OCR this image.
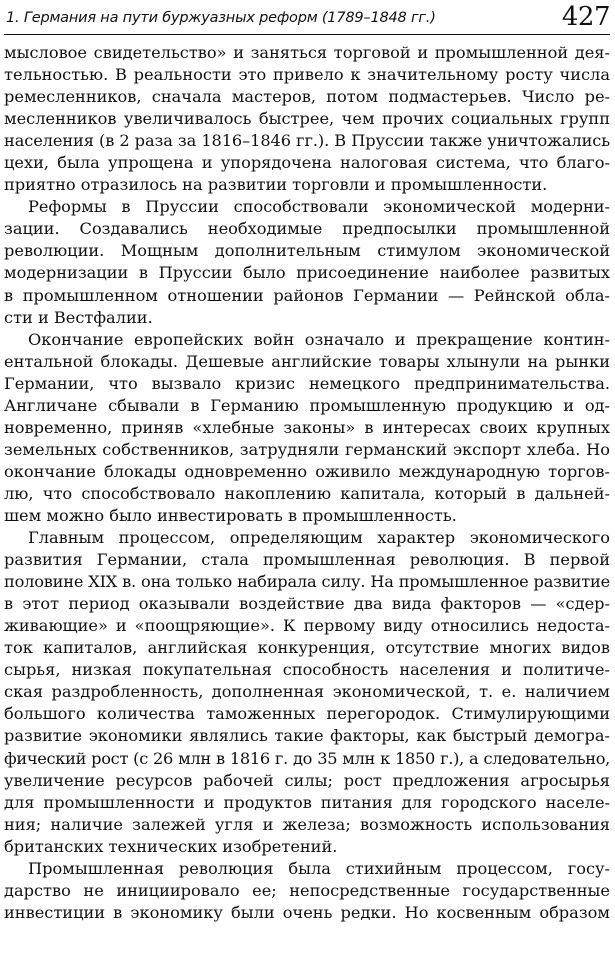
1. Германия на пути буржуазных реформ (1789–1848 гг.)	427
мысловое свидетельство» и заняться торговой и промышленной дея-
тельностью. В реальности это привело к значительному росту числа
ремесленников, сначала мастеров, потом подмастерьев. Число ре-
месленников увеличивалось быстрее, чем прочих социальных групп
населения (в 2 раза за 1816–1846 гг.). В Пруссии также уничтожались
цехи, была упрощена и упорядочена налоговая система, что благо-
приятно отразилось на развитии торговли и промышленности.
Реформы в Пруссии способствовали экономической модерни-
зации. Создавались необходимые предпосылки промышленной
революции. Мощным дополнительным стимулом экономической
модернизации в Пруссии было присоединение наиболее развитых
в промышленном отношении районов Германии — Рейнской обла-
сти и Вестфалии.
Окончание европейских войн означало и прекращение контин-
ентальной блокады. Дешевые английские товары хлынули на рынки
Германии, что вызвало кризис немецкого предпринимательства.
Англичане сбывали в Германию промышленную продукцию и од-
новременно, приняв «хлебные законы» в интересах своих крупных
земельных собственников, затрудняли германский экспорт хлеба. Но
окончание блокады одновременно оживило международную торгов-
лю, что способствовало накоплению капитала, который в дальней-
шем можно было инвестировать в промышленность.
Главным процессом, определяющим характер экономического
развития Германии, стала промышленная революция. В первой
половине XIX в. она только набирала силу. На промышленное развитие
в этот период оказывали воздействие два вида факторов — «сдер-
живающие» и «поощряющие». К первому виду относились недоста-
ток капиталов, английская конкуренция, отсутствие многих видов
сырья, низкая покупательная способность населения и политиче-
ская раздробленность, дополненная экономической, т. е. наличием
большого количества таможенных перегородок. Стимулирующими
развитие экономики являлись такие факторы, как быстрый демогра-
фический рост (с 26 млн в 1816 г. до 35 млн к 1850 г.), а следовательно,
увеличение ресурсов рабочей силы; рост предложения агросырья
для промышленности и продуктов питания для городского населе-
ния; наличие залежей угля и железа; возможность использования
британских технических изобретений.
Промышленная революция была стихийным процессом, госу-
дарство не инициировало ее; непосредственные государственные
инвестиции в экономику были очень редки. Но косвенным образом
